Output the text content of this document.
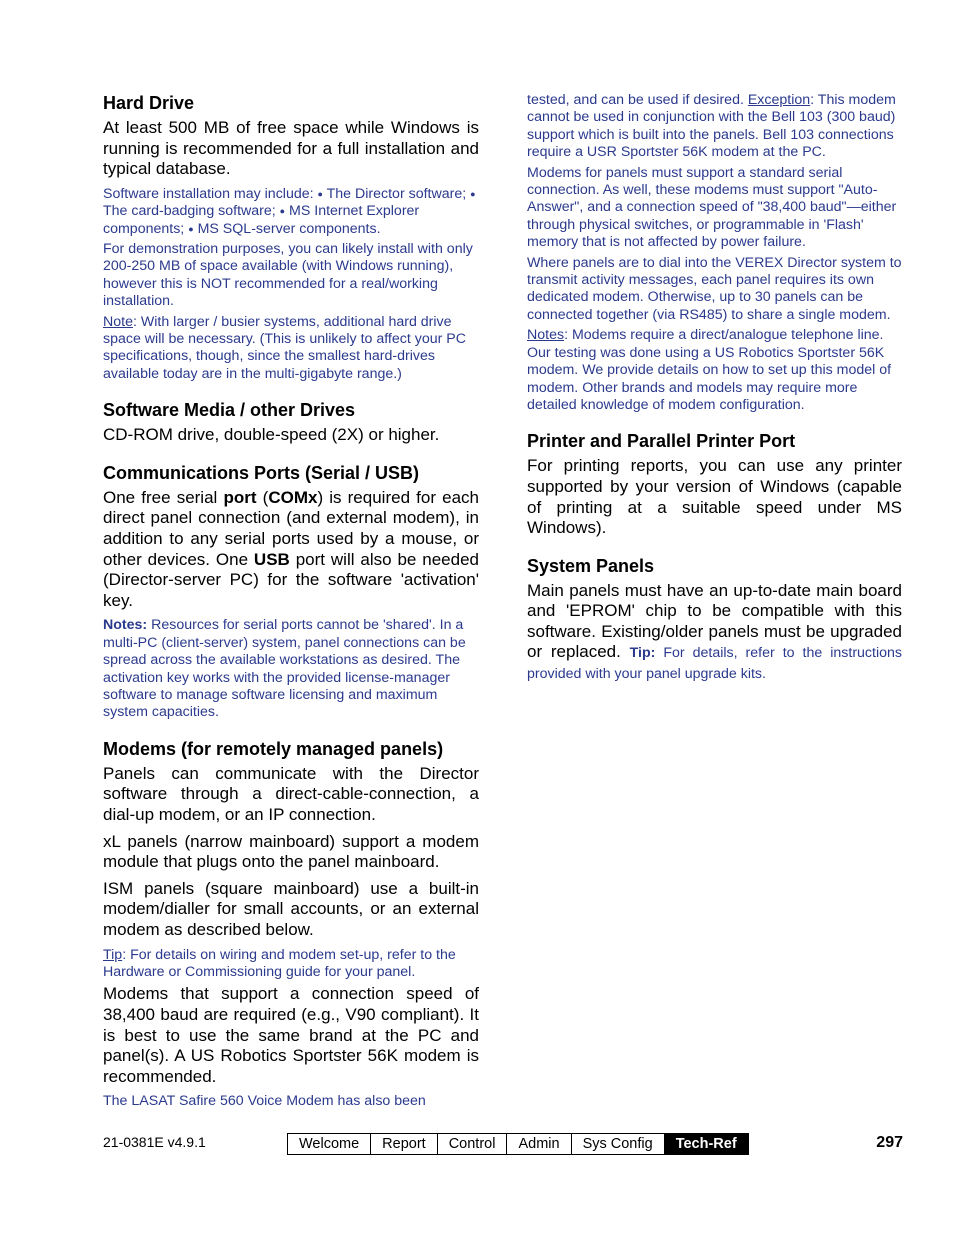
Hard Drive

At least 500 MB of free space while Windows is running is recommended for a full installation and typical database.

Software installation may include: ● The Director software; ● The card-badging software; ● MS Internet Explorer components; ● MS SQL-server components.

For demonstration purposes, you can likely install with only 200-250 MB of space available (with Windows running), however this is NOT recommended for a real/working installation.

Note: With larger / busier systems, additional hard drive space will be necessary. (This is unlikely to affect your PC specifications, though, since the smallest hard-drives available today are in the multi-gigabyte range.)

Software Media / other Drives

CD-ROM drive, double-speed (2X) or higher.

Communications Ports (Serial / USB)

One free serial port (COMx) is required for each direct panel connection (and external modem), in addition to any serial ports used by a mouse, or other devices. One USB port will also be needed (Director-server PC) for the software 'activation' key.

Notes: Resources for serial ports cannot be 'shared'. In a multi-PC (client-server) system, panel connections can be spread across the available workstations as desired. The activation key works with the provided license-manager software to manage software licensing and maximum system capacities.

Modems (for remotely managed panels)

Panels can communicate with the Director software through a direct-cable-connection, a dial-up modem, or an IP connection.

xL panels (narrow mainboard) support a modem module that plugs onto the panel mainboard.

ISM panels (square mainboard) use a built-in modem/dialler for small accounts, or an external modem as described below.

Tip: For details on wiring and modem set-up, refer to the Hardware or Commissioning guide for your panel.

Modems that support a connection speed of 38,400 baud are required (e.g., V90 compliant). It is best to use the same brand at the PC and panel(s). A US Robotics Sportster 56K modem is recommended.

The LASAT Safire 560 Voice Modem has also been

tested, and can be used if desired. Exception: This modem cannot be used in conjunction with the Bell 103 (300 baud) support which is built into the panels. Bell 103 connections require a USR Sportster 56K modem at the PC.

Modems for panels must support a standard serial connection. As well, these modems must support "Auto-Answer", and a connection speed of "38,400 baud"—either through physical switches, or programmable in 'Flash' memory that is not affected by power failure.

Where panels are to dial into the VEREX Director system to transmit activity messages, each panel requires its own dedicated modem. Otherwise, up to 30 panels can be connected together (via RS485) to share a single modem.

Notes: Modems require a direct/analogue telephone line. Our testing was done using a US Robotics Sportster 56K modem. We provide details on how to set up this model of modem. Other brands and models may require more detailed knowledge of modem configuration.

Printer and Parallel Printer Port

For printing reports, you can use any printer supported by your version of Windows (capable of printing at a suitable speed under MS Windows).

System Panels

Main panels must have an up-to-date main board and 'EPROM' chip to be compatible with this software. Existing/older panels must be upgraded or replaced. Tip: For details, refer to the instructions provided with your panel upgrade kits.

21-0381E v4.9.1	Welcome	Report	Control	Admin	Sys Config	Tech-Ref	297
